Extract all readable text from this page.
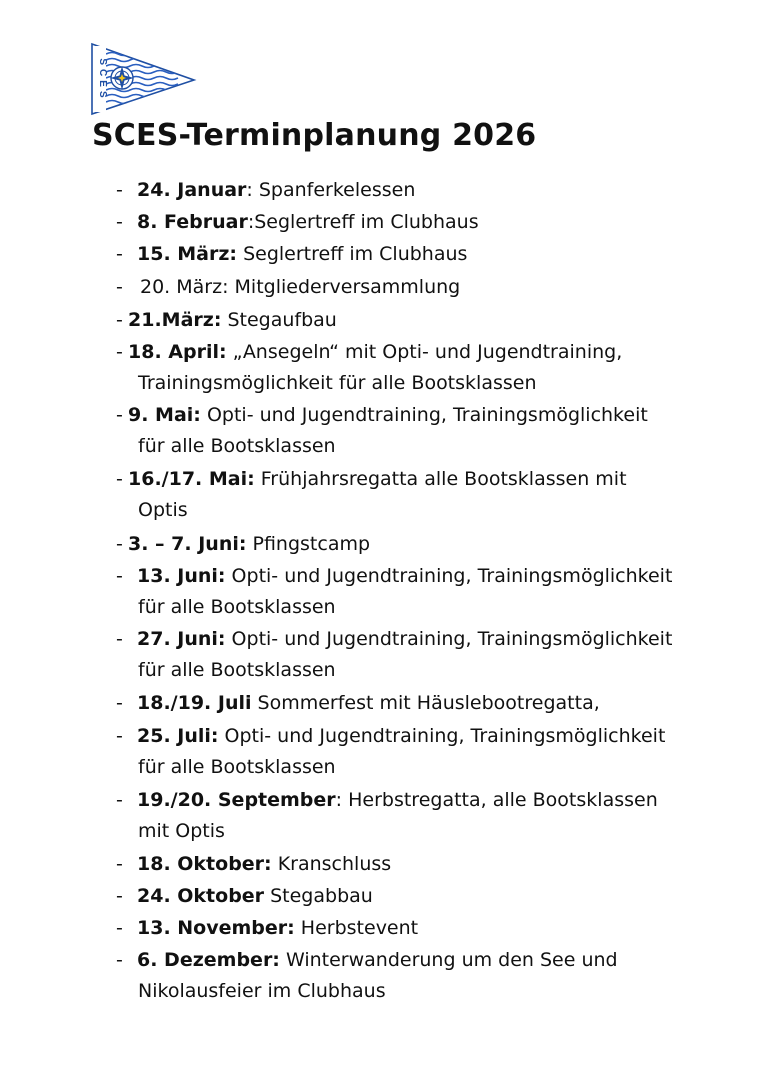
SCES
SCES-Terminplanung 2026
- 24. Januar: Spanferkelessen
- 8. Februar:Seglertreff im Clubhaus
- 15. März: Seglertreff im Clubhaus
- 20. März: Mitgliederversammlung
- 21.März: Stegaufbau
- 18. April: „Ansegeln“ mit Opti- und Jugendtraining,
Trainingsmöglichkeit für alle Bootsklassen
- 9. Mai: Opti- und Jugendtraining, Trainingsmöglichkeit
für alle Bootsklassen
- 16./17. Mai: Frühjahrsregatta alle Bootsklassen mit
Optis
- 3. – 7. Juni: Pfingstcamp
- 13. Juni: Opti- und Jugendtraining, Trainingsmöglichkeit
für alle Bootsklassen
- 27. Juni: Opti- und Jugendtraining, Trainingsmöglichkeit
für alle Bootsklassen
- 18./19. Juli Sommerfest mit Häuslebootregatta,
- 25. Juli: Opti- und Jugendtraining, Trainingsmöglichkeit
für alle Bootsklassen
- 19./20. September: Herbstregatta, alle Bootsklassen
mit Optis
- 18. Oktober: Kranschluss
- 24. Oktober Stegabbau
- 13. November: Herbstevent
- 6. Dezember: Winterwanderung um den See und
Nikolausfeier im Clubhaus
